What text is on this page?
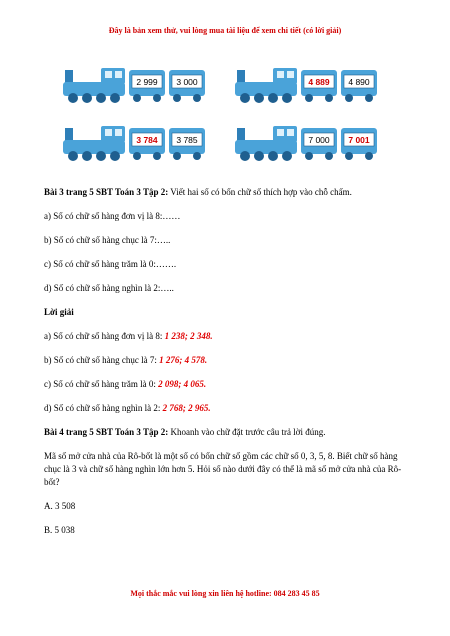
Đây là bản xem thử, vui lòng mua tài liệu để xem chi tiết (có lời giải)
2 999 3 000	4 889 4 890
3 784 3 785	7 000 7 001

Bài 3 trang 5 SBT Toán 3 Tập 2: Viết hai số có bốn chữ số thích hợp vào chỗ chấm.

a) Số có chữ số hàng đơn vị là 8:……

b) Số có chữ số hàng chục là 7:…..

c) Số có chữ số hàng trăm là 0:…….

d) Số có chữ số hàng nghìn là 2:…..

Lời giải

a) Số có chữ số hàng đơn vị là 8: 1 238; 2 348.

b) Số có chữ số hàng chục là 7: 1 276; 4 578.

c) Số có chữ số hàng trăm là 0: 2 098; 4 065.

d) Số có chữ số hàng nghìn là 2: 2 768; 2 965.

Bài 4 trang 5 SBT Toán 3 Tập 2: Khoanh vào chữ đặt trước câu trả lời đúng.

Mã số mở cửa nhà của Rô-bốt là một số có bốn chữ số gồm các chữ số 0, 3, 5, 8. Biết chữ số hàng chục là 3 và chữ số hàng nghìn lớn hơn 5. Hỏi số nào dưới đây có thể là mã số mở cửa nhà của Rô-bốt?

A. 3 508

B. 5 038

Mọi thắc mắc vui lòng xin liên hệ hotline: 084 283 45 85
